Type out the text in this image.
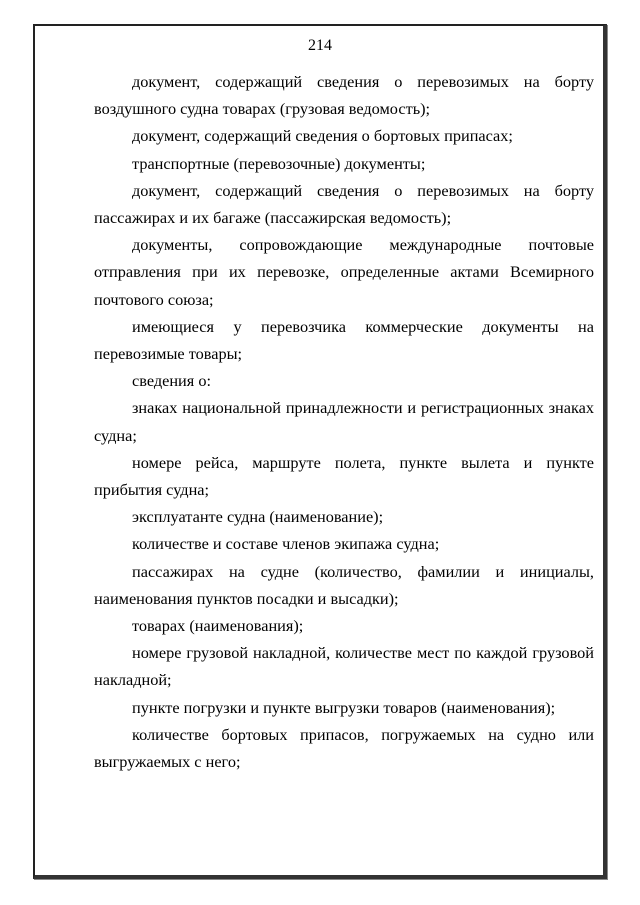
214

документ, содержащий сведения о перевозимых на борту воздушного судна товарах (грузовая ведомость);

документ, содержащий сведения о бортовых припасах;

транспортные (перевозочные) документы;

документ, содержащий сведения о перевозимых на борту пассажирах и их багаже (пассажирская ведомость);

документы, сопровождающие международные почтовые отправления при их перевозке, определенные актами Всемирного почтового союза;

имеющиеся у перевозчика коммерческие документы на перевозимые товары;

сведения о:

знаках национальной принадлежности и регистрационных знаках судна;

номере рейса, маршруте полета, пункте вылета и пункте прибытия судна;

эксплуатанте судна (наименование);

количестве и составе членов экипажа судна;

пассажирах на судне (количество, фамилии и инициалы, наименования пунктов посадки и высадки);

товарах (наименования);

номере грузовой накладной, количестве мест по каждой грузовой накладной;

пункте погрузки и пункте выгрузки товаров (наименования);

количестве бортовых припасов, погружаемых на судно или выгружаемых с него;
